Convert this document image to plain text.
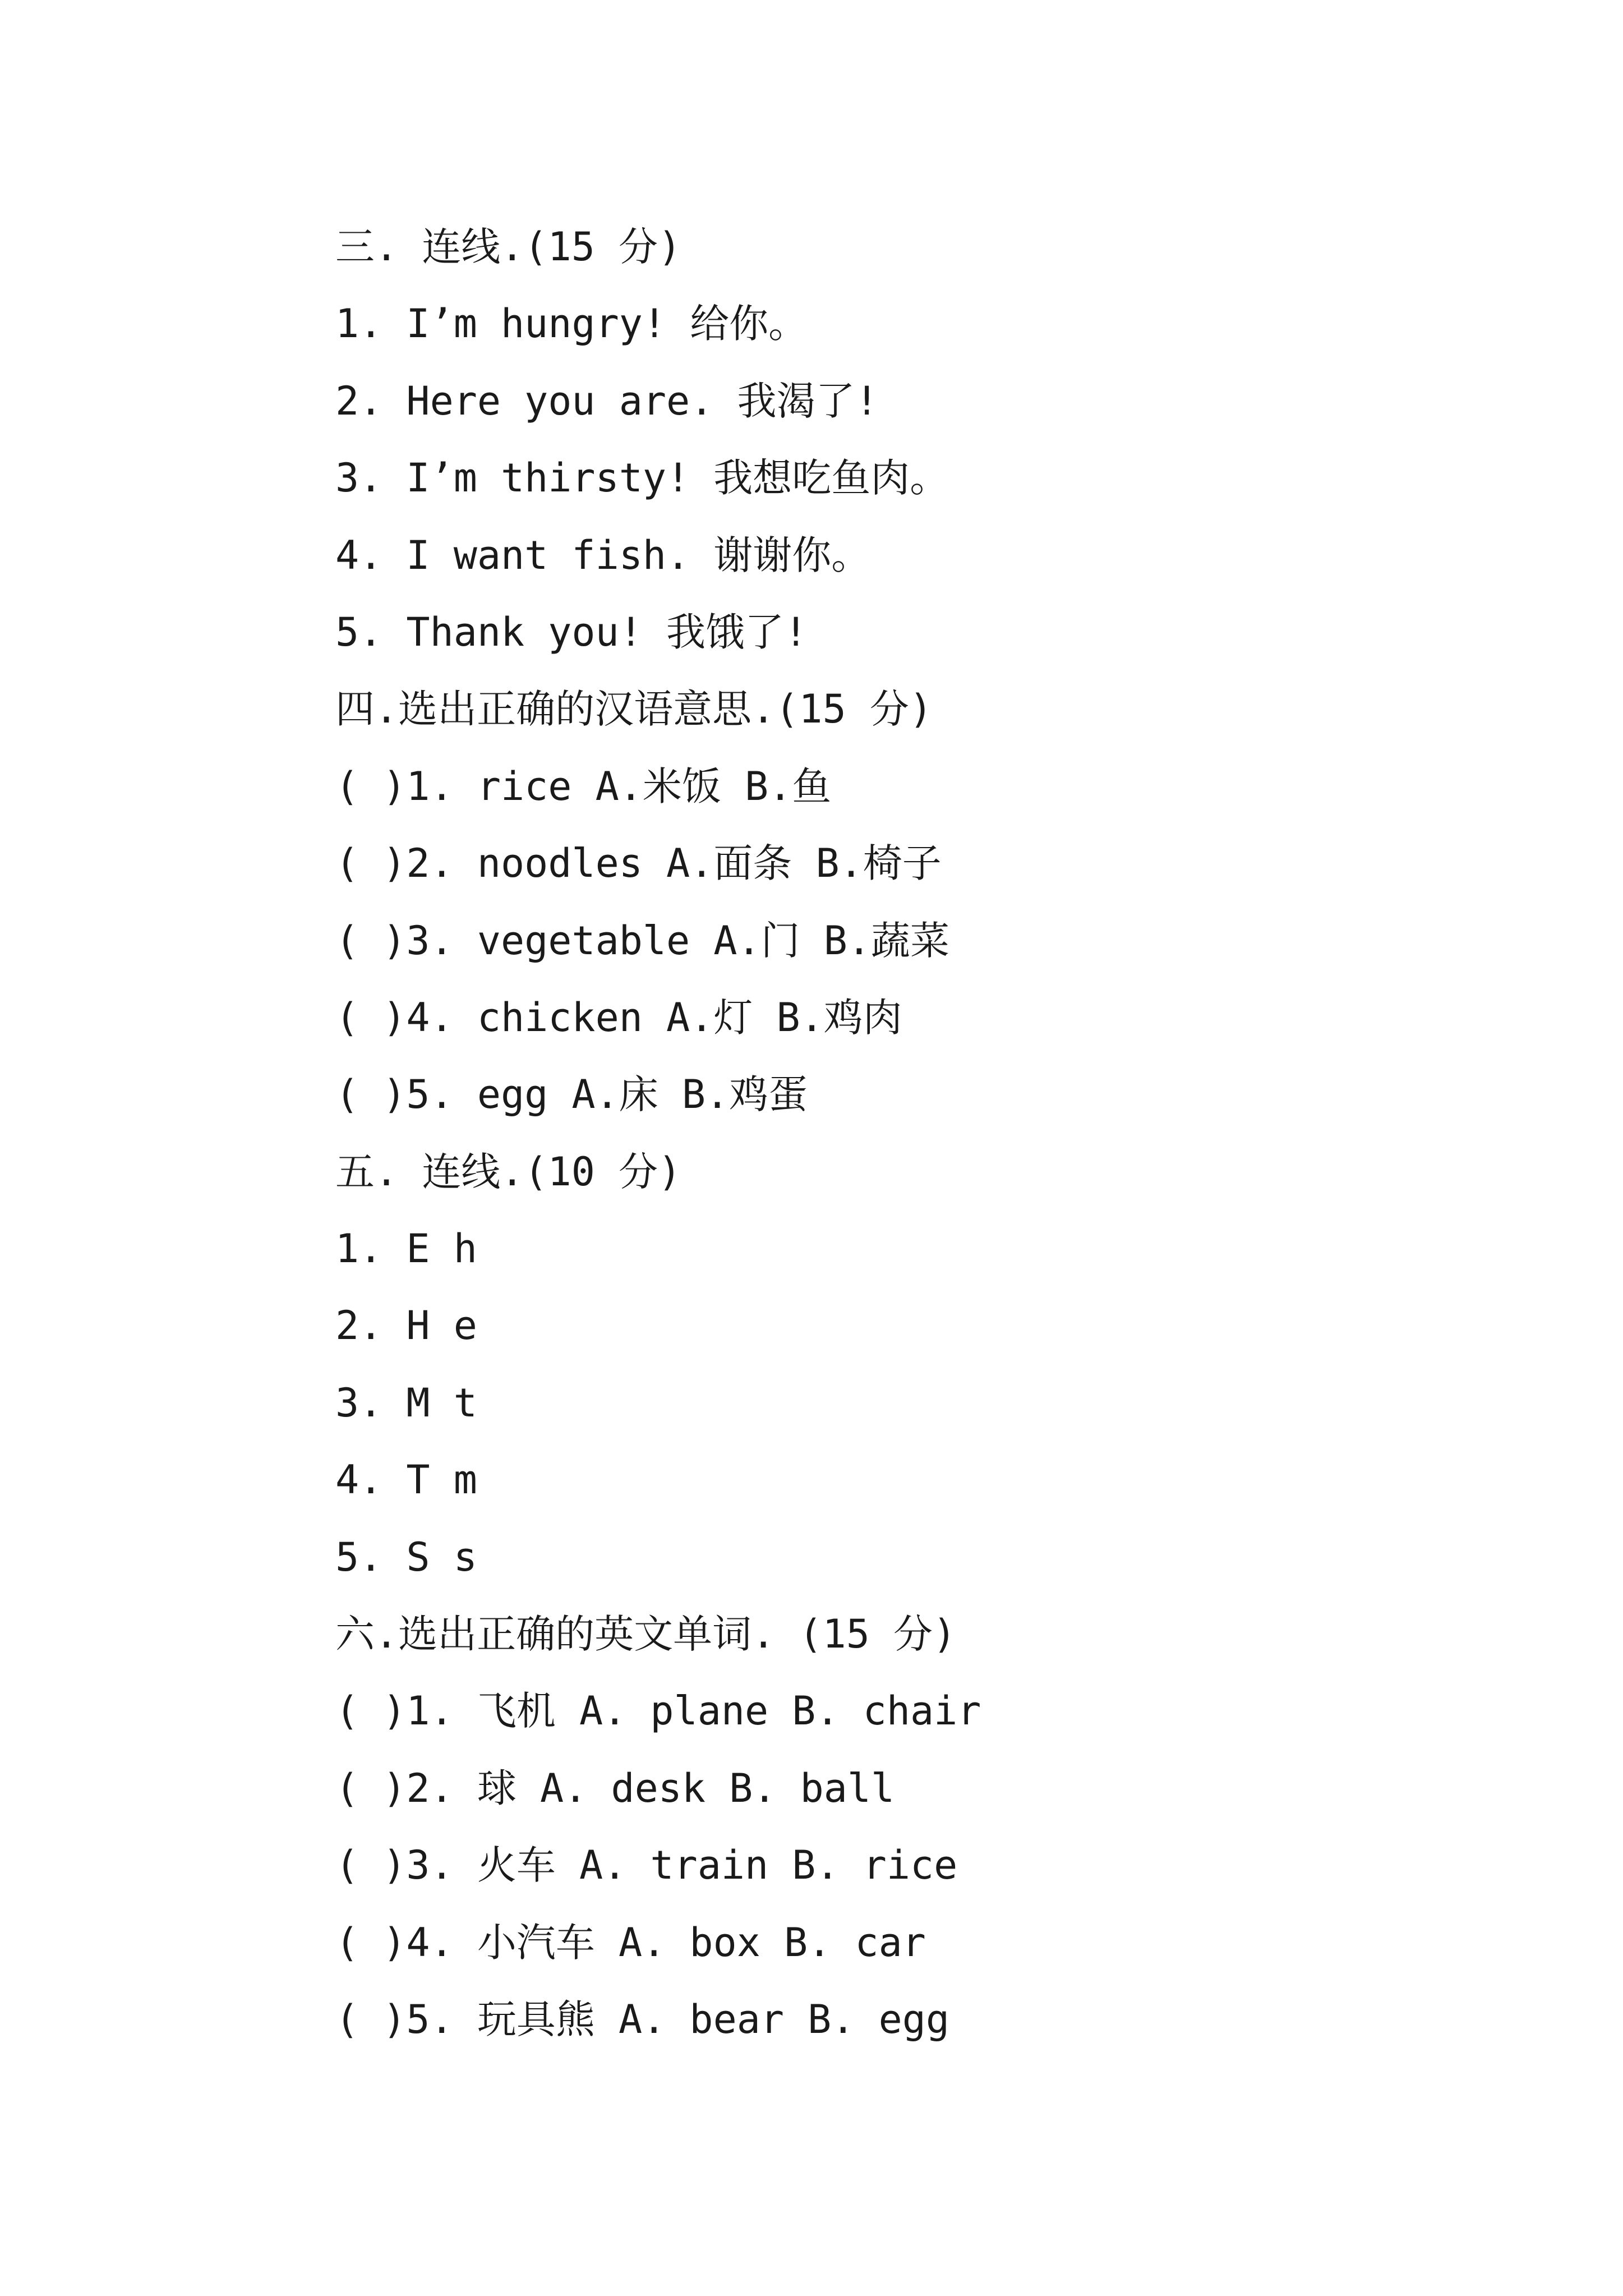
三. 连线.(15 分)

1. I’m hungry! 给你。

2. Here you are. 我渴了!

3. I’m thirsty! 我想吃鱼肉。

4. I want fish. 谢谢你。

5. Thank you! 我饿了!

四.选出正确的汉语意思.(15 分)

( )1. rice A.米饭 B.鱼

( )2. noodles A.面条 B.椅子

( )3. vegetable A.门 B.蔬菜

( )4. chicken A.灯 B.鸡肉

( )5. egg A.床 B.鸡蛋

五. 连线.(10 分)

1. E h

2. H e

3. M t

4. T m

5. S s

六.选出正确的英文单词. (15 分)

( )1. 飞机 A. plane B. chair

( )2. 球 A. desk B. ball

( )3. 火车 A. train B. rice

( )4. 小汽车 A. box B. car

( )5. 玩具熊 A. bear B. egg
